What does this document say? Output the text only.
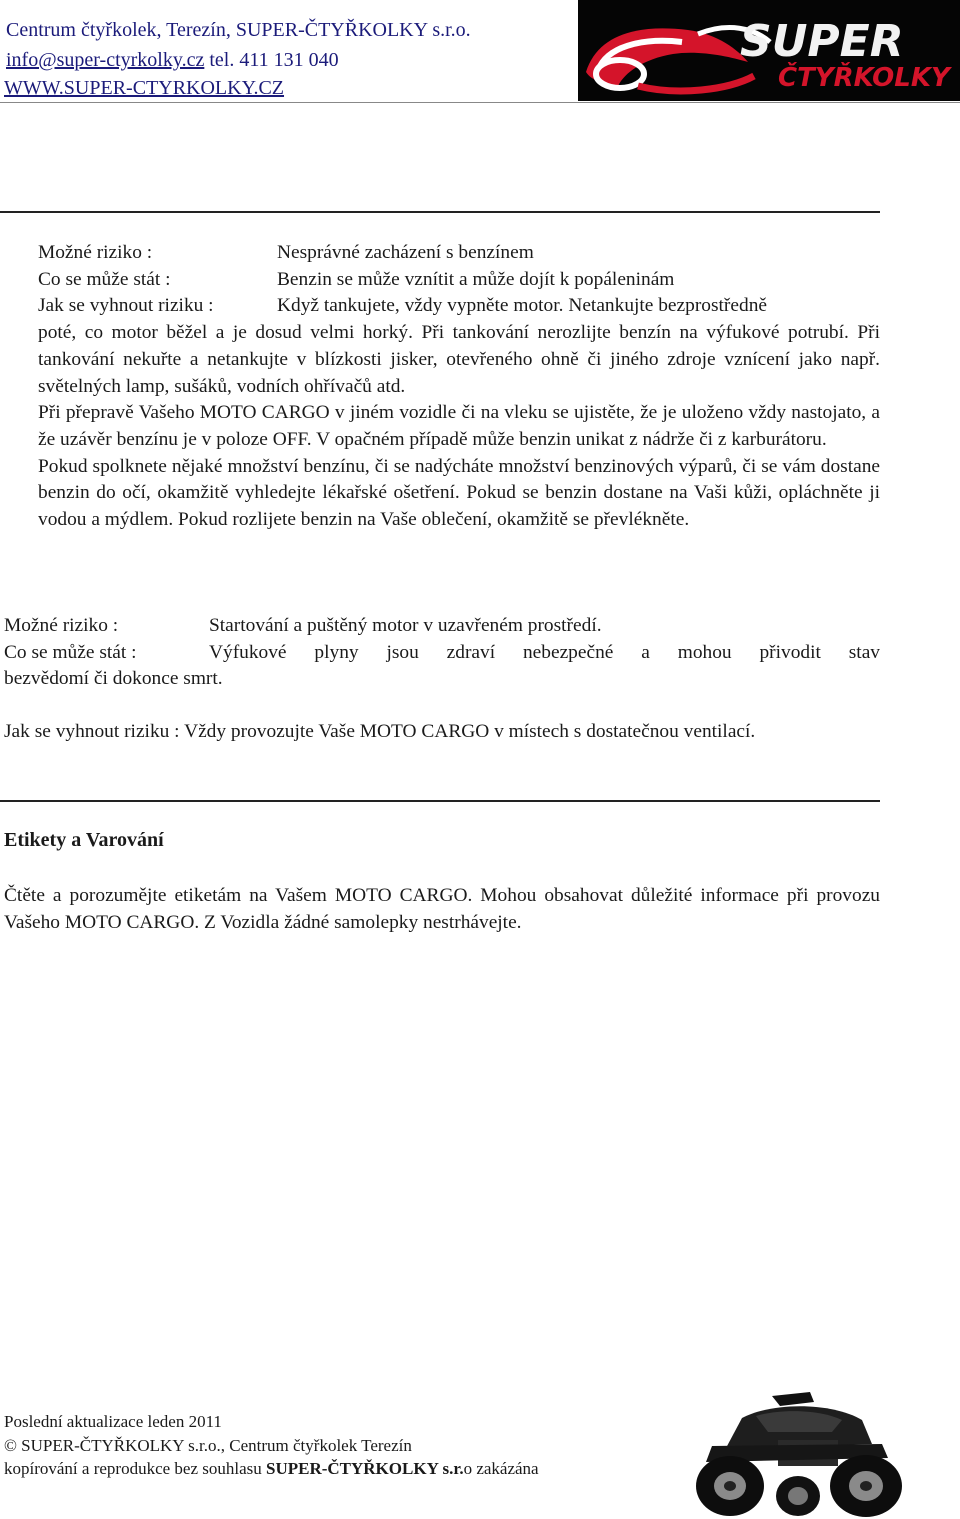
Centrum čtyřkolek, Terezín, SUPER-ČTYŘKOLKY s.r.o.
info@super-ctyrkolky.cz tel. 411 131 040
WWW.SUPER-CTYRKOLKY.CZ
SUPER
ČTYŘKOLKY
Možné riziko :	Nesprávné zacházení s benzínem
Co se může stát :	Benzin se může vznítit a může dojít k popáleninám
Jak se vyhnout riziku :	Když tankujete, vždy vypněte motor. Netankujte bezprostředně
poté, co motor běžel a je dosud velmi horký. Při tankování nerozlijte benzín na výfukové potrubí. Při tankování nekuřte a netankujte v blízkosti jisker, otevřeného ohně či jiného zdroje vznícení jako např. světelných lamp, sušáků, vodních ohřívačů atd.
Při přepravě Vašeho MOTO CARGO v jiném vozidle či na vleku se ujistěte, že je uloženo vždy nastojato, a že uzávěr benzínu je v poloze OFF. V opačném případě může benzin unikat z nádrže či z karburátoru.
Pokud spolknete nějaké množství benzínu, či se nadýcháte množství benzinových výparů, či se vám dostane benzin do očí, okamžitě vyhledejte lékařské ošetření. Pokud se benzin dostane na Vaši kůži, opláchněte ji vodou a mýdlem. Pokud rozlijete benzin na Vaše oblečení, okamžitě se převlékněte.
Možné riziko :	Startování a puštěný motor v uzavřeném prostředí.
Co se může stát :	Výfukové plyny jsou zdraví nebezpečné a mohou přivodit stav
bezvědomí či dokonce smrt.
Jak se vyhnout riziku : Vždy provozujte Vaše MOTO CARGO v místech s dostatečnou ventilací.
Etikety a Varování
Čtěte a porozumějte etiketám na Vašem MOTO CARGO. Mohou obsahovat důležité informace při provozu Vašeho MOTO CARGO. Z Vozidla žádné samolepky nestrhávejte.
Poslední aktualizace leden 2011
© SUPER-ČTYŘKOLKY s.r.o., Centrum čtyřkolek Terezín
kopírování a reprodukce bez souhlasu SUPER-ČTYŘKOLKY s.r.o zakázána
